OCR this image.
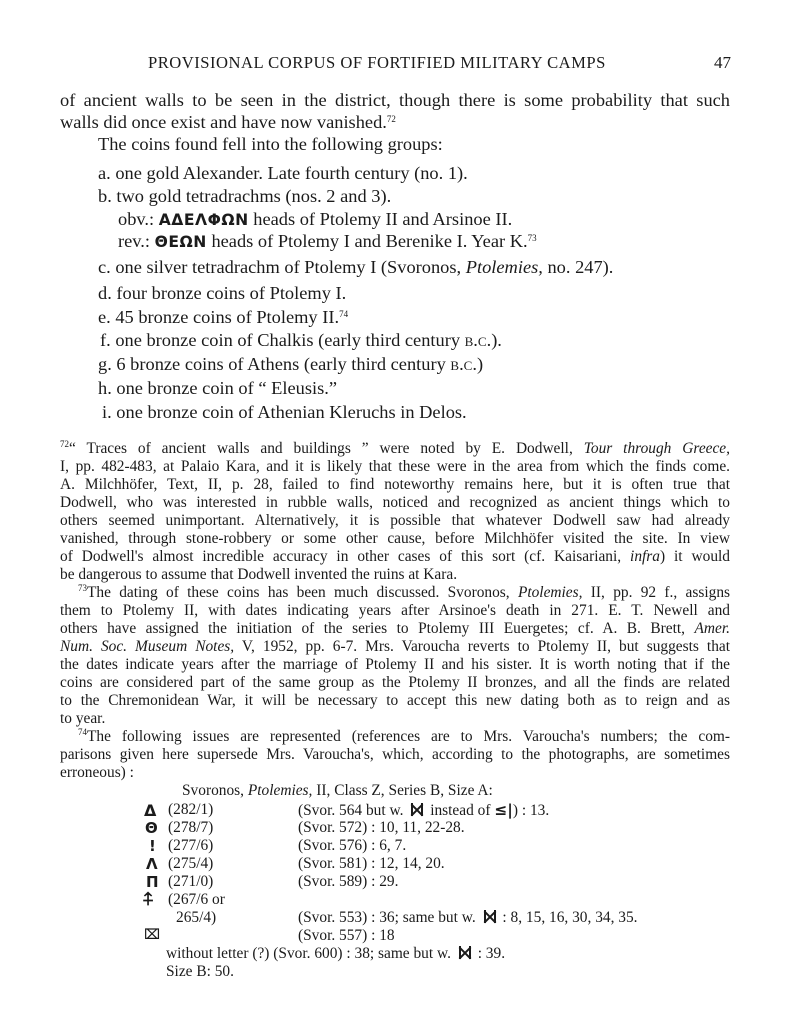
PROVISIONAL CORPUS OF FORTIFIED MILITARY CAMPS	47
of ancient walls to be seen in the district, though there is some probability that such
walls did once exist and have now vanished.$^{72}$
The coins found fell into the following groups:
a. one gold Alexander. Late fourth century (no. 1).
b. two gold tetradrachms (nos. 2 and 3).
obv.: ΑΔΕΛΦΩΝ heads of Ptolemy II and Arsinoe II.
rev.: ΘΕΩΝ heads of Ptolemy I and Berenike I. Year K.$^{73}$
c. one silver tetradrachm of Ptolemy I (Svoronos, Ptolemies, no. 247).
d. four bronze coins of Ptolemy I.
e. 45 bronze coins of Ptolemy II.$^{74}$
f. one bronze coin of Chalkis (early third century b.c.).
g. 6 bronze coins of Athens (early third century b.c.)
h. one bronze coin of “ Eleusis.”
i. one bronze coin of Athenian Kleruchs in Delos.
$^{72}$“ Traces of ancient walls and buildings ” were noted by E. Dodwell, Tour through Greece,
I, pp. 482-483, at Palaio Kara, and it is likely that these were in the area from which the finds come.
A. Milchhöfer, Text, II, p. 28, failed to find noteworthy remains here, but it is often true that
Dodwell, who was interested in rubble walls, noticed and recognized as ancient things which to
others seemed unimportant. Alternatively, it is possible that whatever Dodwell saw had already
vanished, through stone-robbery or some other cause, before Milchhöfer visited the site. In view
of Dodwell's almost incredible accuracy in other cases of this sort (cf. Kaisariani, infra) it would
be dangerous to assume that Dodwell invented the ruins at Kara.
$^{73}$The dating of these coins has been much discussed. Svoronos, Ptolemies, II, pp. 92 f., assigns
them to Ptolemy II, with dates indicating years after Arsinoe's death in 271. E. T. Newell and
others have assigned the initiation of the series to Ptolemy III Euergetes; cf. A. B. Brett, Amer.
Num. Soc. Museum Notes, V, 1952, pp. 6-7. Mrs. Varoucha reverts to Ptolemy II, but suggests that
the dates indicate years after the marriage of Ptolemy II and his sister. It is worth noting that if the
coins are considered part of the same group as the Ptolemy II bronzes, and all the finds are related
to the Chremonidean War, it will be necessary to accept this new dating both as to reign and as
to year.
$^{74}$The following issues are represented (references are to Mrs. Varoucha's numbers; the com-
parisons given here supersede Mrs. Varoucha's, which, according to the photographs, are sometimes
erroneous) :
Svoronos, Ptolemies, II, Class Z, Series B, Size A:
Δ (282/1)	(Svor. 564 but w. instead of ≤|) : 13.
Θ (278/7)	(Svor. 572) : 10, 11, 22-28.
! (277/6)	(Svor. 576) : 6, 7.
Λ (275/4)	(Svor. 581) : 12, 14, 20.
Π (271/0)	(Svor. 589) : 29.
⍏ (267/6 or
265/4)	(Svor. 553) : 36; same but w. : 8, 15, 16, 30, 34, 35.
⌧	(Svor. 557) : 18
without letter (?) (Svor. 600) : 38; same but w. : 39.
Size B: 50.
